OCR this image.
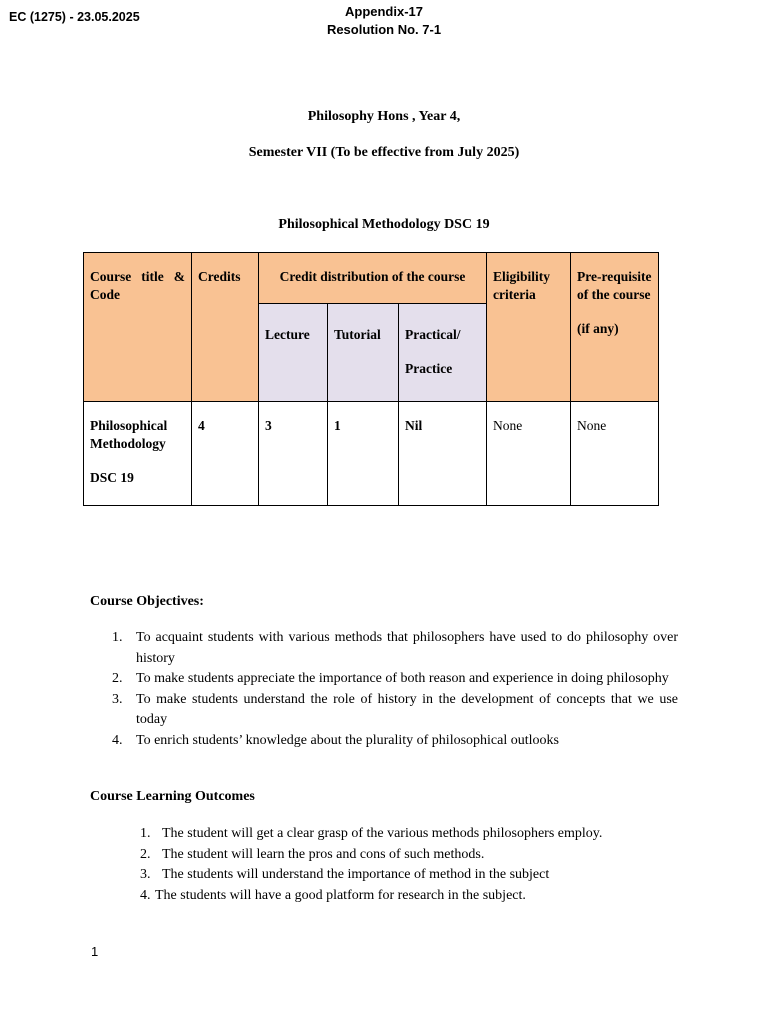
EC (1275) - 23.05.2025	Appendix-17
Resolution No. 7-1
Philosophy Hons , Year 4,
Semester VII (To be effective from July 2025)
Philosophical Methodology DSC 19
Course title & Code	Credits	Credit distribution of the course			Eligibility criteria	Pre-requisite of the course
(if any)

		Lecture	Tutorial	Practical/
Practice		

Philosophical Methodology
DSC 19	4	3	1	Nil	None	None
Course Objectives:
1. To acquaint students with various methods that philosophers have used to do philosophy over history
2. To make students appreciate the importance of both reason and experience in doing philosophy
3. To make students understand the role of history in the development of concepts that we use today
4. To enrich students’ knowledge about the plurality of philosophical outlooks
Course Learning Outcomes
1. The student will get a clear grasp of the various methods philosophers employ.
2. The student will learn the pros and cons of such methods.
3. The students will understand the importance of method in the subject
4. The students will have a good platform for research in the subject.
1
